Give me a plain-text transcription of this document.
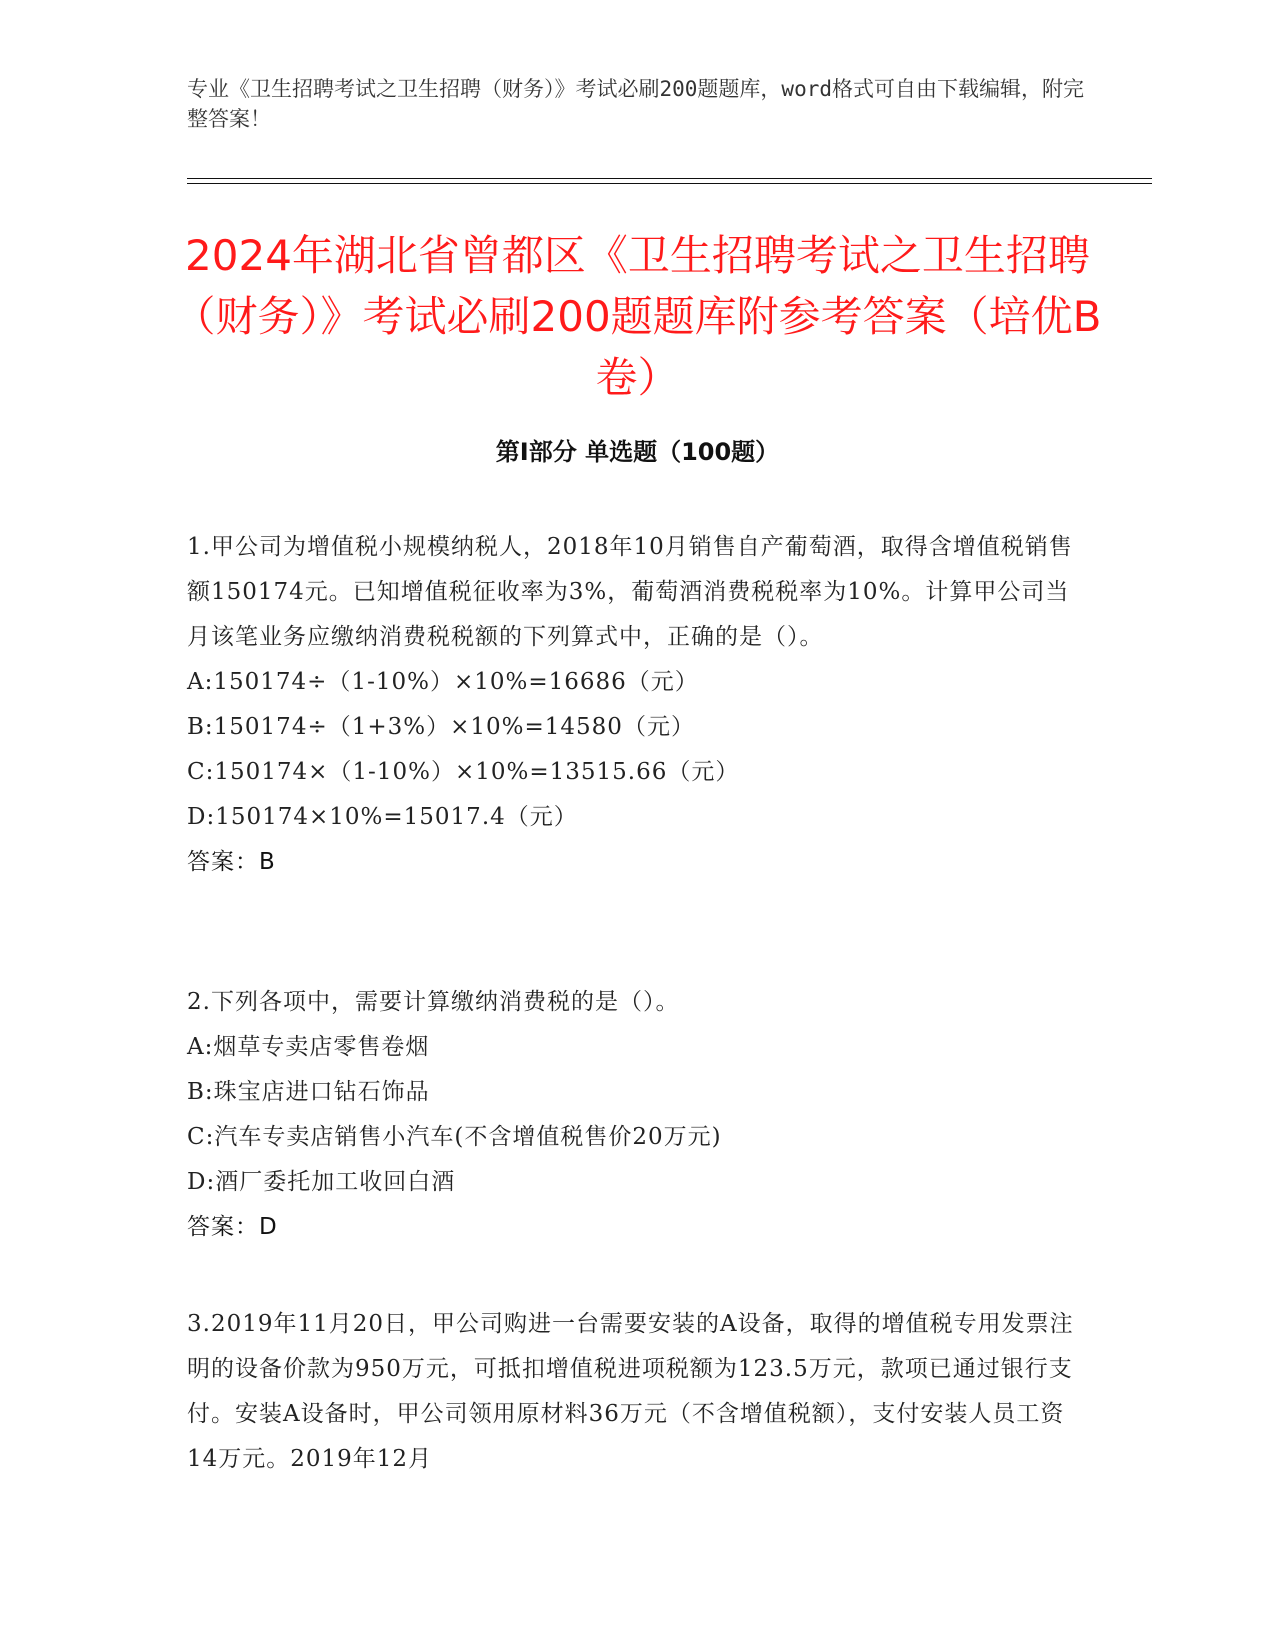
专业《卫生招聘考试之卫生招聘（财务）》考试必刷200题题库，word格式可自由下载编辑，附完整答案！
2024年湖北省曾都区《卫生招聘考试之卫生招聘（财务）》考试必刷200题题库附参考答案（培优B卷）
第I部分 单选题（100题）

1.甲公司为增值税小规模纳税人，2018年10月销售自产葡萄酒，取得含增值税销售额150174元。已知增值税征收率为3%，葡萄酒消费税税率为10%。计算甲公司当月该笔业务应缴纳消费税税额的下列算式中，正确的是（）。

A:150174÷（1-10%）×10%=16686（元）

B:150174÷（1+3%）×10%=14580（元）

C:150174×（1-10%）×10%=13515.66（元）

D:150174×10%=15017.4（元）

答案：B

2.下列各项中，需要计算缴纳消费税的是（）。

A:烟草专卖店零售卷烟

B:珠宝店进口钻石饰品

C:汽车专卖店销售小汽车(不含增值税售价20万元)

D:酒厂委托加工收回白酒

答案：D

3.2019年11月20日，甲公司购进一台需要安装的A设备，取得的增值税专用发票注明的设备价款为950万元，可抵扣增值税进项税额为123.5万元，款项已通过银行支付。安装A设备时，甲公司领用原材料36万元（不含增值税额），支付安装人员工资14万元。2019年12月
